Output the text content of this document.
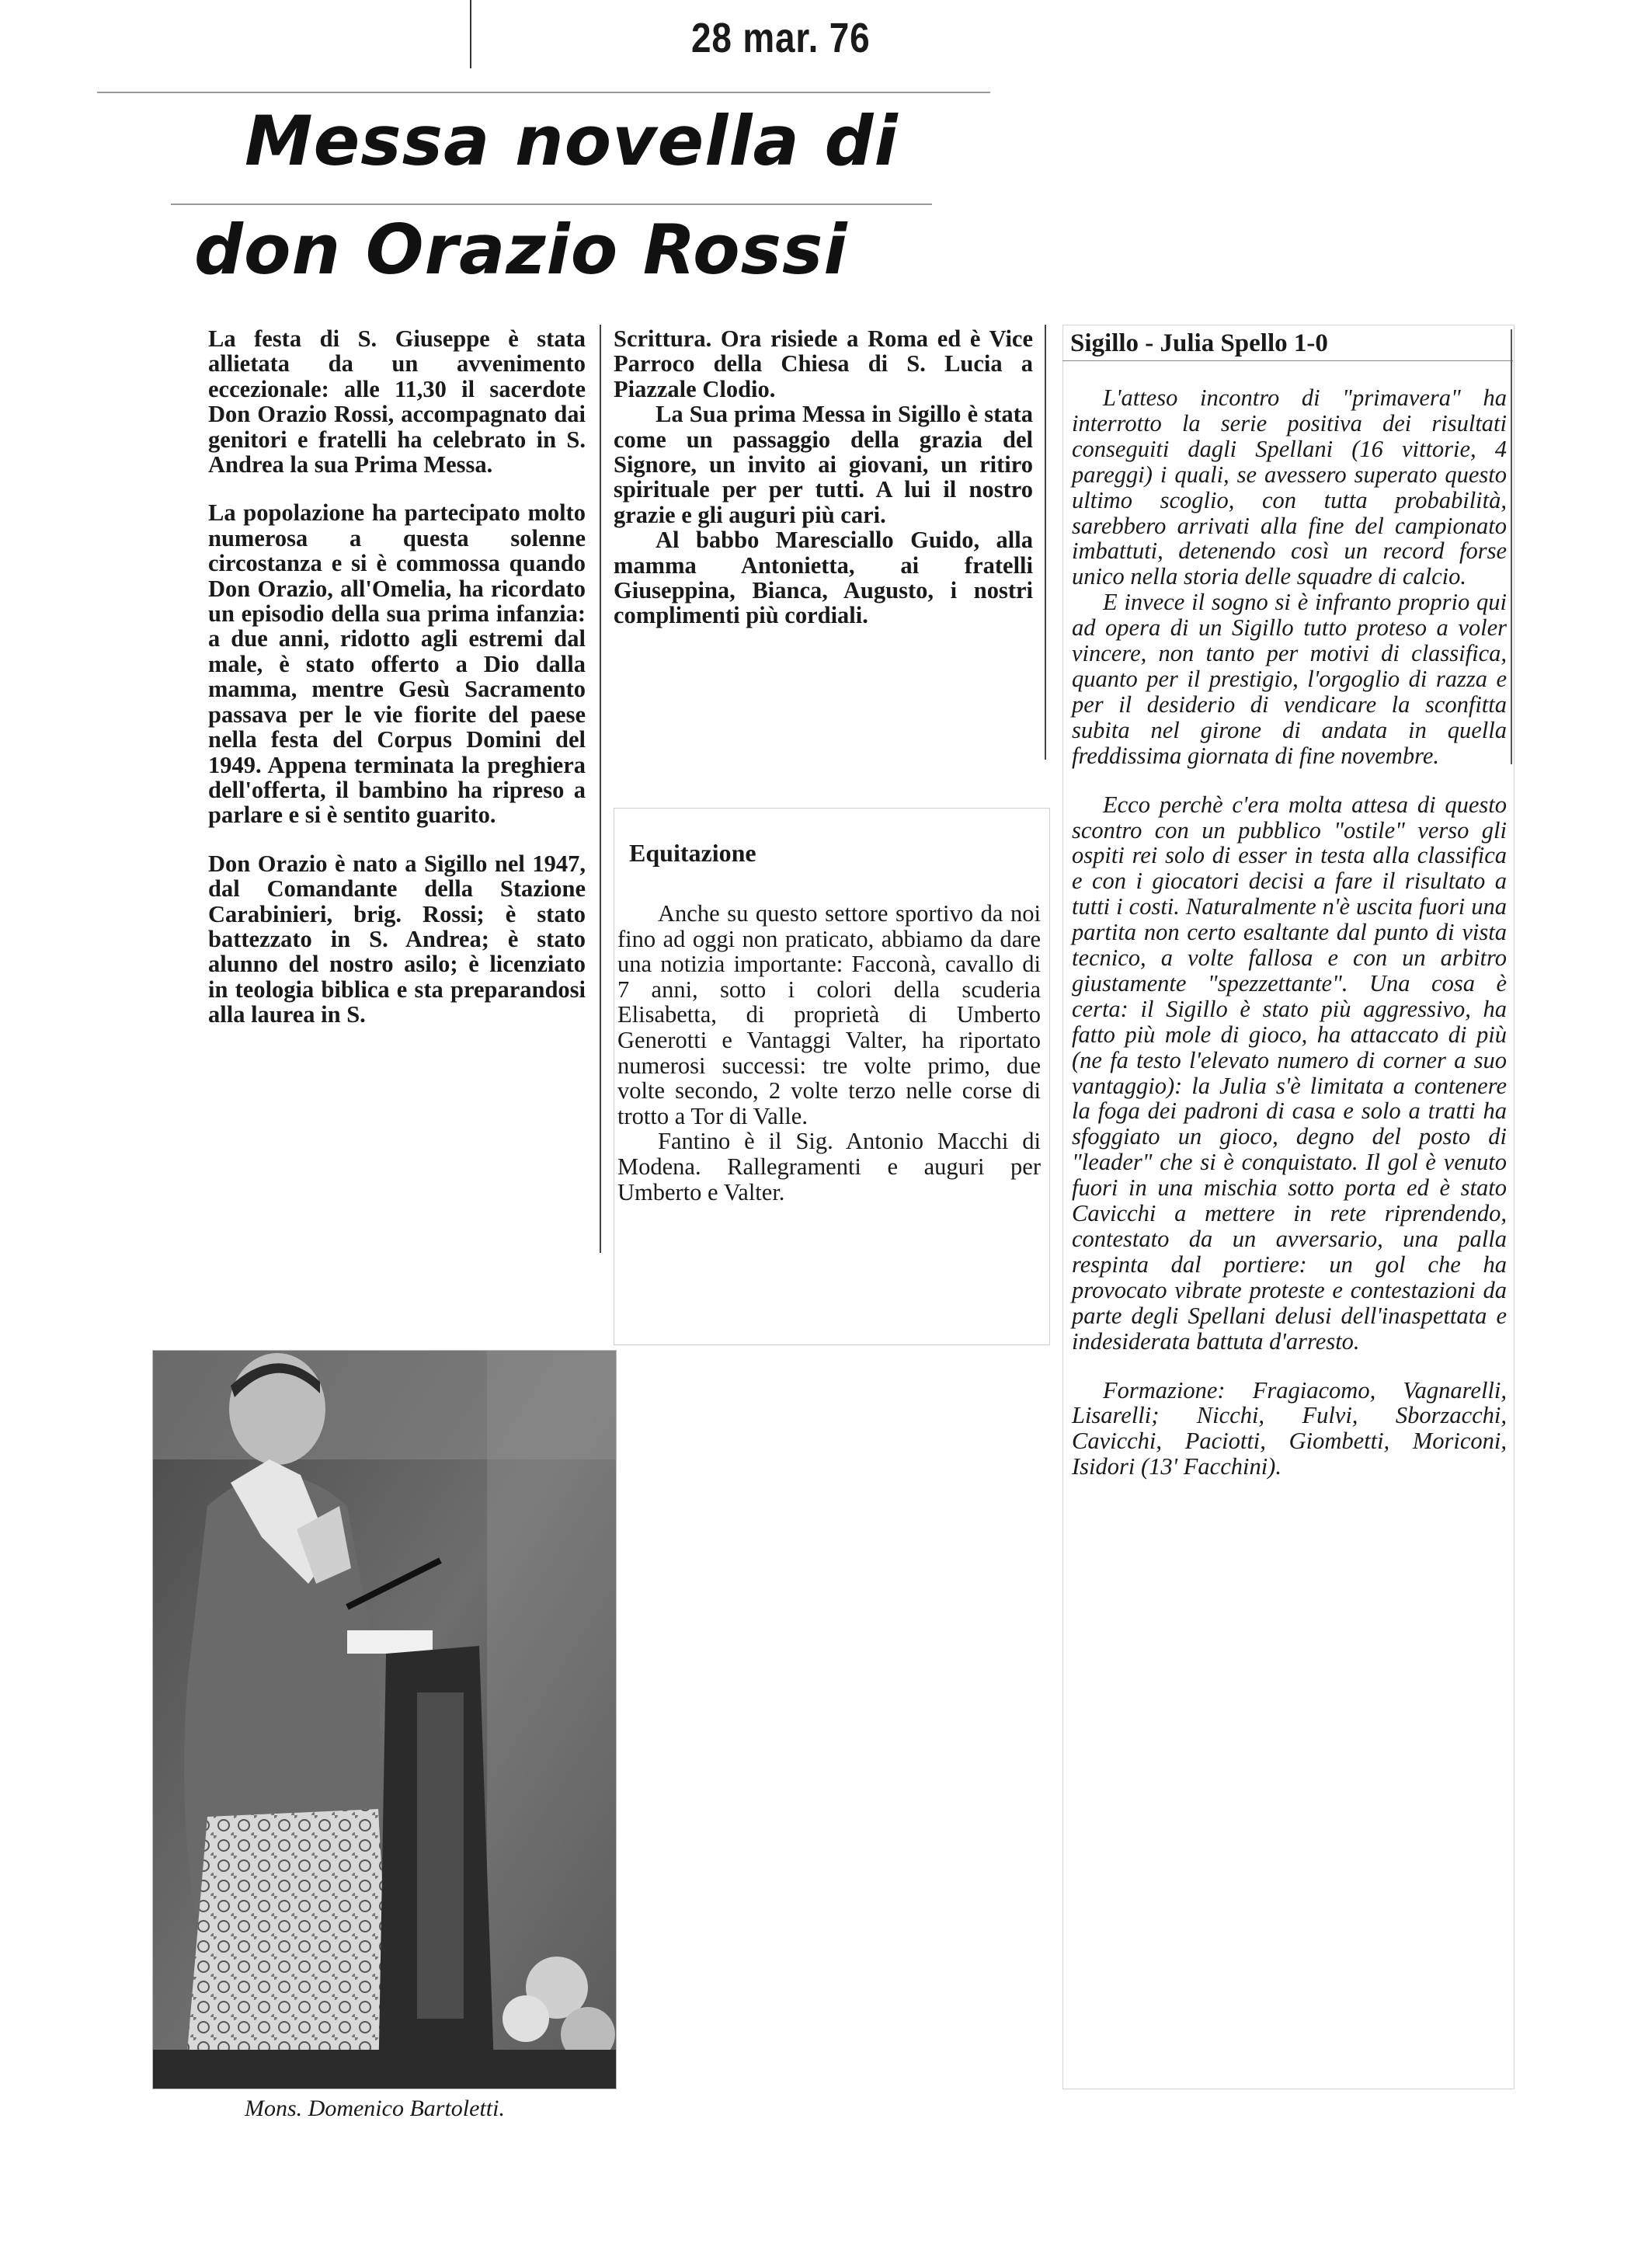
28 mar. 76
Messa novella di
don Orazio Rossi

La festa di S. Giuseppe è stata allietata da un avvenimento eccezionale: alle 11,30 il sacerdote Don Orazio Rossi, accompagnato dai genitori e fratelli ha celebrato in S. Andrea la sua Prima Messa.

La popolazione ha partecipato molto numerosa a questa solenne circostanza e si è commossa quando Don Orazio, all'Omelia, ha ricordato un episodio della sua prima infanzia: a due anni, ridotto agli estremi dal male, è stato offerto a Dio dalla mamma, mentre Gesù Sacramento passava per le vie fiorite del paese nella festa del Corpus Domini del 1949. Appena terminata la preghiera dell'offerta, il bambino ha ripreso a parlare e si è sentito guarito.

Don Orazio è nato a Sigillo nel 1947, dal Comandante della Stazione Carabinieri, brig. Rossi; è stato battezzato in S. Andrea; è stato alunno del nostro asilo; è licenziato in teologia biblica e sta preparandosi alla laurea in S.

Scrittura. Ora risiede a Roma ed è Vice Parroco della Chiesa di S. Lucia a Piazzale Clodio.

La Sua prima Messa in Sigillo è stata come un passaggio della grazia del Signore, un invito ai giovani, un ritiro spirituale per per tutti. A lui il nostro grazie e gli auguri più cari.

Al babbo Maresciallo Guido, alla mamma Antonietta, ai fratelli Giuseppina, Bianca, Augusto, i nostri complimenti più cordiali.

Equitazione

Anche su questo settore sportivo da noi fino ad oggi non praticato, abbiamo da dare una notizia importante: Facconà, cavallo di 7 anni, sotto i colori della scuderia Elisabetta, di proprietà di Umberto Generotti e Vantaggi Valter, ha riportato numerosi successi: tre volte primo, due volte secondo, 2 volte terzo nelle corse di trotto a Tor di Valle.

Fantino è il Sig. Antonio Macchi di Modena. Rallegramenti e auguri per Umberto e Valter.

Sigillo - Julia Spello 1-0

L'atteso incontro di "primavera" ha interrotto la serie positiva dei risultati conseguiti dagli Spellani (16 vittorie, 4 pareggi) i quali, se avessero superato questo ultimo scoglio, con tutta probabilità, sarebbero arrivati alla fine del campionato imbattuti, detenendo così un record forse unico nella storia delle squadre di calcio.

E invece il sogno si è infranto proprio qui ad opera di un Sigillo tutto proteso a voler vincere, non tanto per motivi di classifica, quanto per il prestigio, l'orgoglio di razza e per il desiderio di vendicare la sconfitta subita nel girone di andata in quella freddissima giornata di fine novembre.

Ecco perchè c'era molta attesa di questo scontro con un pubblico "ostile" verso gli ospiti rei solo di esser in testa alla classifica e con i giocatori decisi a fare il risultato a tutti i costi. Naturalmente n'è uscita fuori una partita non certo esaltante dal punto di vista tecnico, a volte fallosa e con un arbitro giustamente "spezzettante". Una cosa è certa: il Sigillo è stato più aggressivo, ha fatto più mole di gioco, ha attaccato di più (ne fa testo l'elevato numero di corner a suo vantaggio): la Julia s'è limitata a contenere la foga dei padroni di casa e solo a tratti ha sfoggiato un gioco, degno del posto di "leader" che si è conquistato. Il gol è venuto fuori in una mischia sotto porta ed è stato Cavicchi a mettere in rete riprendendo, contestato da un avversario, una palla respinta dal portiere: un gol che ha provocato vibrate proteste e contestazioni da parte degli Spellani delusi dell'inaspettata e indesiderata battuta d'arresto.

Formazione: Fragiacomo, Vagnarelli, Lisarelli; Nicchi, Fulvi, Sborzacchi, Cavicchi, Paciotti, Giombetti, Moriconi, Isidori (13' Facchini).

Mons. Domenico Bartoletti.
